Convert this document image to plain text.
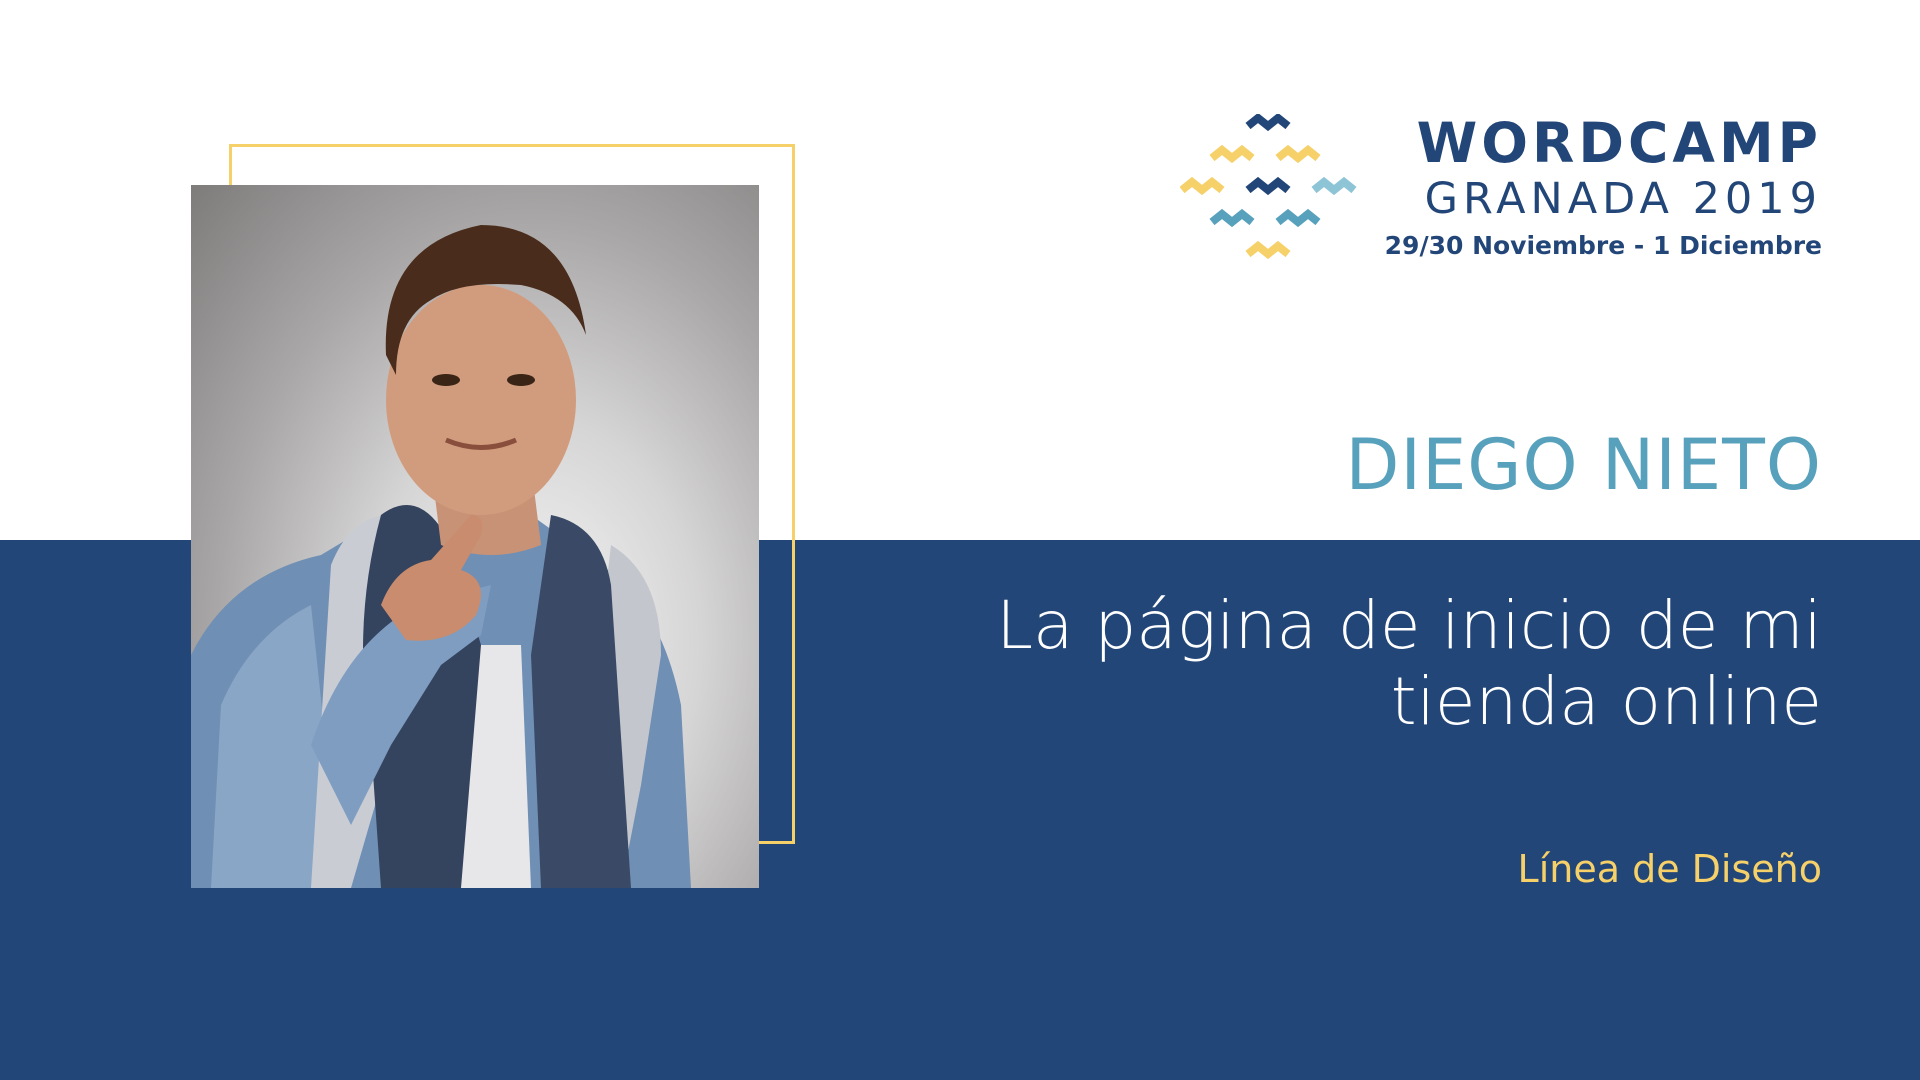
WORDCAMP
GRANADA 2019
29/30 Noviembre - 1 Diciembre
DIEGO NIETO
La página de inicio de mi
tienda online
Línea de Diseño
